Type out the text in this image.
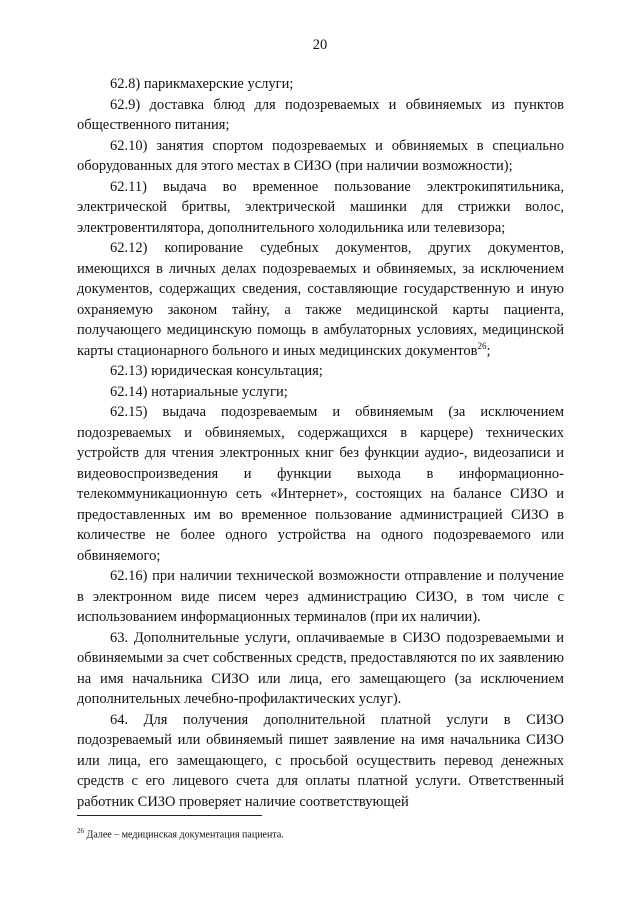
20

62.8) парикмахерские услуги;

62.9) доставка блюд для подозреваемых и обвиняемых из пунктов общественного питания;

62.10) занятия спортом подозреваемых и обвиняемых в специально оборудованных для этого местах в СИЗО (при наличии возможности);

62.11) выдача во временное пользование электрокипятильника, электрической бритвы, электрической машинки для стрижки волос, электровентилятора, дополнительного холодильника или телевизора;

62.12) копирование судебных документов, других документов, имеющихся в личных делах подозреваемых и обвиняемых, за исключением документов, содержащих сведения, составляющие государственную и иную охраняемую законом тайну, а также медицинской карты пациента, получающего медицинскую помощь в амбулаторных условиях, медицинской карты стационарного больного и иных медицинских документов$^{26}$;

62.13) юридическая консультация;

62.14) нотариальные услуги;

62.15) выдача подозреваемым и обвиняемым (за исключением подозреваемых и обвиняемых, содержащихся в карцере) технических устройств для чтения электронных книг без функции аудио-, видеозаписи и видеовоспроизведения и функции выхода в информационно-телекоммуникационную сеть «Интернет», состоящих на балансе СИЗО и предоставленных им во временное пользование администрацией СИЗО в количестве не более одного устройства на одного подозреваемого или обвиняемого;

62.16) при наличии технической возможности отправление и получение в электронном виде писем через администрацию СИЗО, в том числе с использованием информационных терминалов (при их наличии).

63. Дополнительные услуги, оплачиваемые в СИЗО подозреваемыми и обвиняемыми за счет собственных средств, предоставляются по их заявлению на имя начальника СИЗО или лица, его замещающего (за исключением дополнительных лечебно-профилактических услуг).

64. Для получения дополнительной платной услуги в СИЗО подозреваемый или обвиняемый пишет заявление на имя начальника СИЗО или лица, его замещающего, с просьбой осуществить перевод денежных средств с его лицевого счета для оплаты платной услуги. Ответственный работник СИЗО проверяет наличие соответствующей

$^{26}$ Далее – медицинская документация пациента.
